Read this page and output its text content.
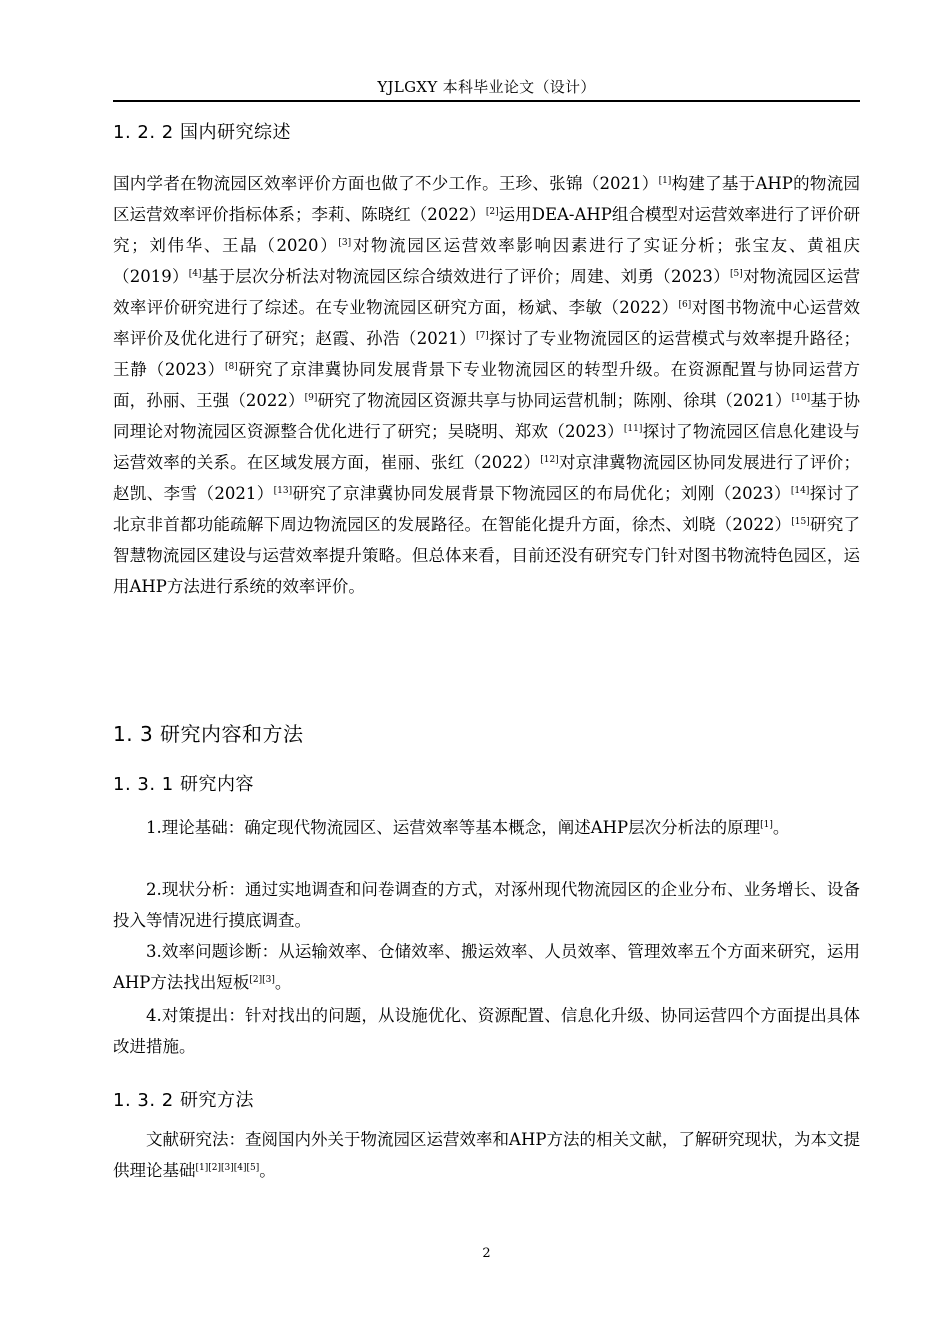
YJLGXY 本科毕业论文（设计）
1. 2. 2 国内研究综述
国内学者在物流园区效率评价方面也做了不少工作。王珍、张锦（2021）[1]构建了基于AHP的物流园区运营效率评价指标体系；李莉、陈晓红（2022）[2]运用DEA-AHP组合模型对运营效率进行了评价研究；刘伟华、王晶（2020）[3]对物流园区运营效率影响因素进行了实证分析；张宝友、黄祖庆（2019）[4]基于层次分析法对物流园区综合绩效进行了评价；周建、刘勇（2023）[5]对物流园区运营效率评价研究进行了综述。在专业物流园区研究方面，杨斌、李敏（2022）[6]对图书物流中心运营效率评价及优化进行了研究；赵霞、孙浩（2021）[7]探讨了专业物流园区的运营模式与效率提升路径；王静（2023）[8]研究了京津冀协同发展背景下专业物流园区的转型升级。在资源配置与协同运营方面，孙丽、王强（2022）[9]研究了物流园区资源共享与协同运营机制；陈刚、徐琪（2021）[10]基于协同理论对物流园区资源整合优化进行了研究；吴晓明、郑欢（2023）[11]探讨了物流园区信息化建设与运营效率的关系。在区域发展方面，崔丽、张红（2022）[12]对京津冀物流园区协同发展进行了评价；赵凯、李雪（2021）[13]研究了京津冀协同发展背景下物流园区的布局优化；刘刚（2023）[14]探讨了北京非首都功能疏解下周边物流园区的发展路径。在智能化提升方面，徐杰、刘晓（2022）[15]研究了智慧物流园区建设与运营效率提升策略。但总体来看，目前还没有研究专门针对图书物流特色园区，运用AHP方法进行系统的效率评价。
1. 3 研究内容和方法
1. 3. 1 研究内容
1.理论基础：确定现代物流园区、运营效率等基本概念，阐述AHP层次分析法的原理[1]。
2.现状分析：通过实地调查和问卷调查的方式，对涿州现代物流园区的企业分布、业务增长、设备投入等情况进行摸底调查。
3.效率问题诊断：从运输效率、仓储效率、搬运效率、人员效率、管理效率五个方面来研究，运用AHP方法找出短板[2][3]。
4.对策提出：针对找出的问题，从设施优化、资源配置、信息化升级、协同运营四个方面提出具体改进措施。
1. 3. 2 研究方法
文献研究法：查阅国内外关于物流园区运营效率和AHP方法的相关文献，了解研究现状，为本文提供理论基础[1][2][3][4][5]。
2
